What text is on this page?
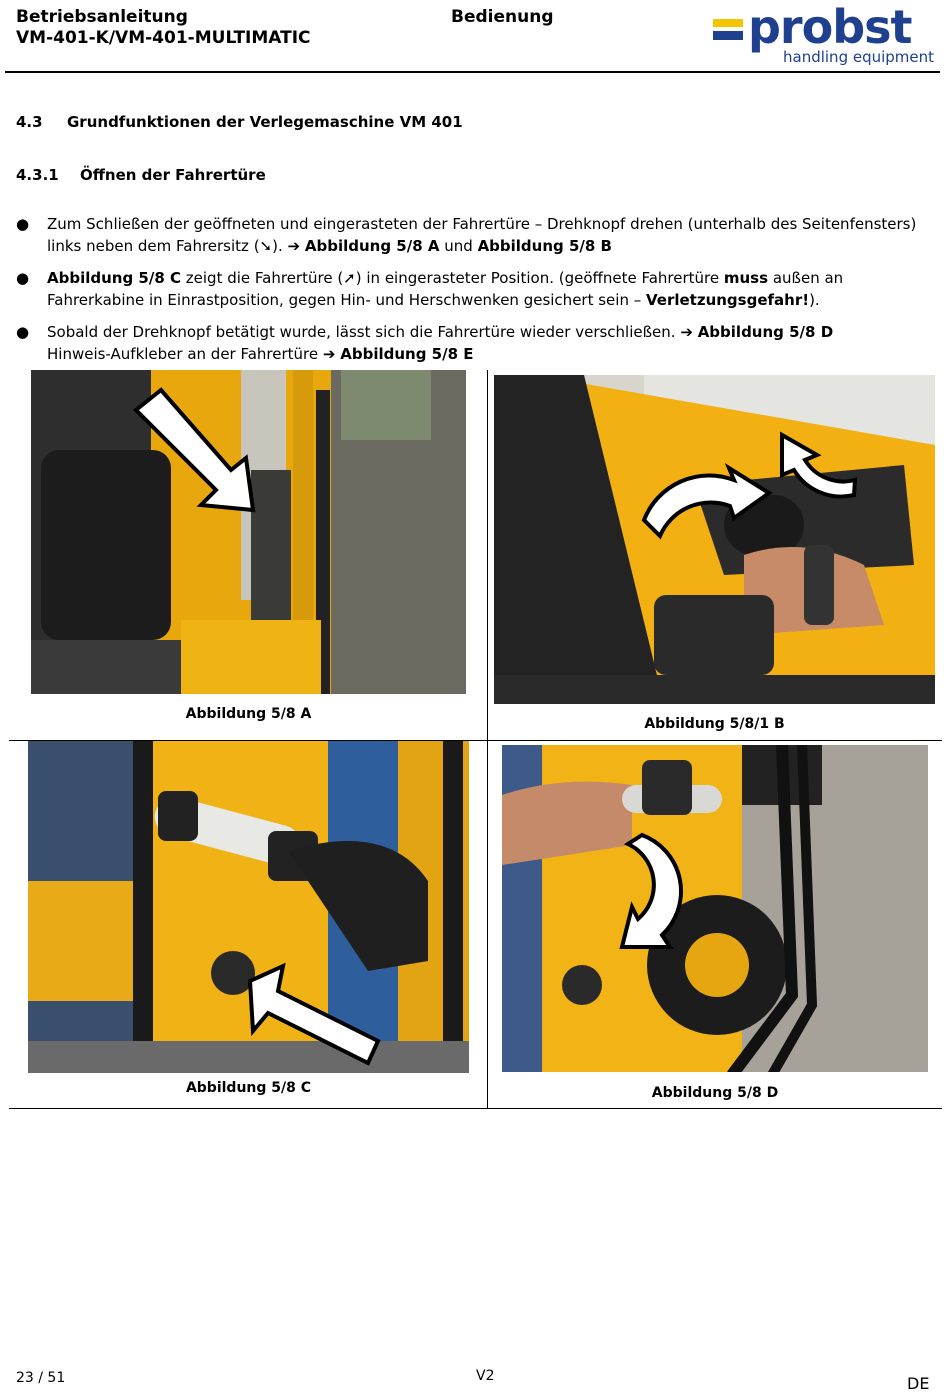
Betriebsanleitung
VM-401-K/VM-401-MULTIMATIC
Bedienung	probst
handling equipment
4.3 Grundfunktionen der Verlegemaschine VM 401
4.3.1 Öffnen der Fahrertüre
● Zum Schließen der geöffneten und eingerasteten der Fahrertüre – Drehknopf drehen (unterhalb des Seitenfensters) links neben dem Fahrersitz (➘). ➔ Abbildung 5/8 A und Abbildung 5/8 B
● Abbildung 5/8 C zeigt die Fahrertüre (➚) in eingerasteter Position. (geöffnete Fahrertüre muss außen an Fahrerkabine in Einrastposition, gegen Hin- und Herschwenken gesichert sein – Verletzungsgefahr!).
● Sobald der Drehknopf betätigt wurde, lässt sich die Fahrertüre wieder verschließen. ➔ Abbildung 5/8 D
Hinweis-Aufkleber an der Fahrertüre ➔ Abbildung 5/8 E
Abbildung 5/8 A
Abbildung 5/8/1 B
Abbildung 5/8 C	Abbildung 5/8 D
23 / 51	V2	DE
